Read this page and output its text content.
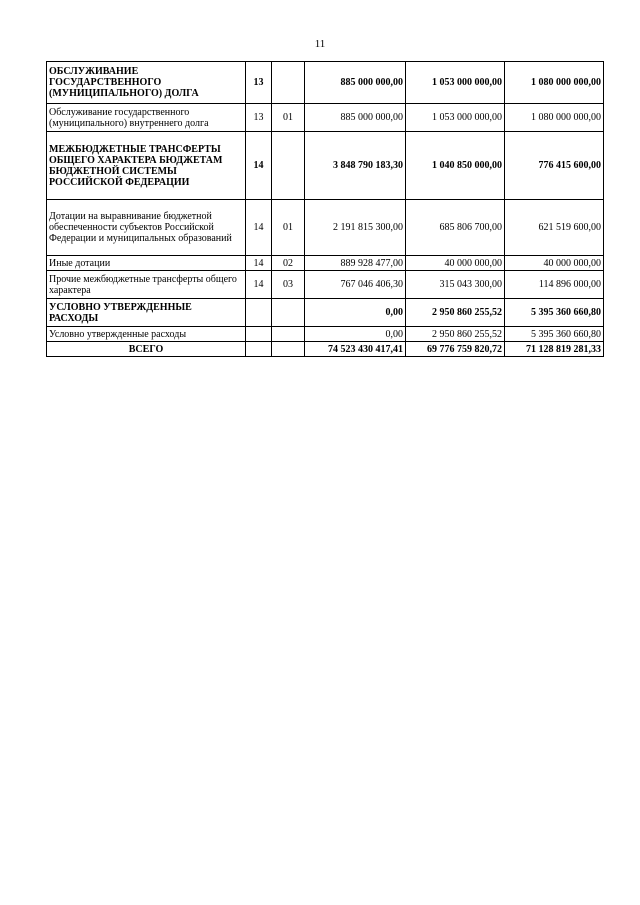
11
ОБСЛУЖИВАНИЕ ГОСУДАРСТВЕННОГО (МУНИЦИПАЛЬНОГО) ДОЛГА	13		885 000 000,00	1 053 000 000,00	1 080 000 000,00
Обслуживание государственного (муниципального) внутреннего долга	13	01	885 000 000,00	1 053 000 000,00	1 080 000 000,00
МЕЖБЮДЖЕТНЫЕ ТРАНСФЕРТЫ ОБЩЕГО ХАРАКТЕРА БЮДЖЕТАМ БЮДЖЕТНОЙ СИСТЕМЫ РОССИЙСКОЙ ФЕДЕРАЦИИ	14		3 848 790 183,30	1 040 850 000,00	776 415 600,00
Дотации на выравнивание бюджетной обеспеченности субъектов Российской Федерации и муниципальных образований	14	01	2 191 815 300,00	685 806 700,00	621 519 600,00
Иные дотации	14	02	889 928 477,00	40 000 000,00	40 000 000,00
Прочие межбюджетные трансферты общего характера	14	03	767 046 406,30	315 043 300,00	114 896 000,00
УСЛОВНО УТВЕРЖДЕННЫЕ РАСХОДЫ			0,00	2 950 860 255,52	5 395 360 660,80
Условно утвержденные расходы			0,00	2 950 860 255,52	5 395 360 660,80
ВСЕГО			74 523 430 417,41	69 776 759 820,72	71 128 819 281,33
